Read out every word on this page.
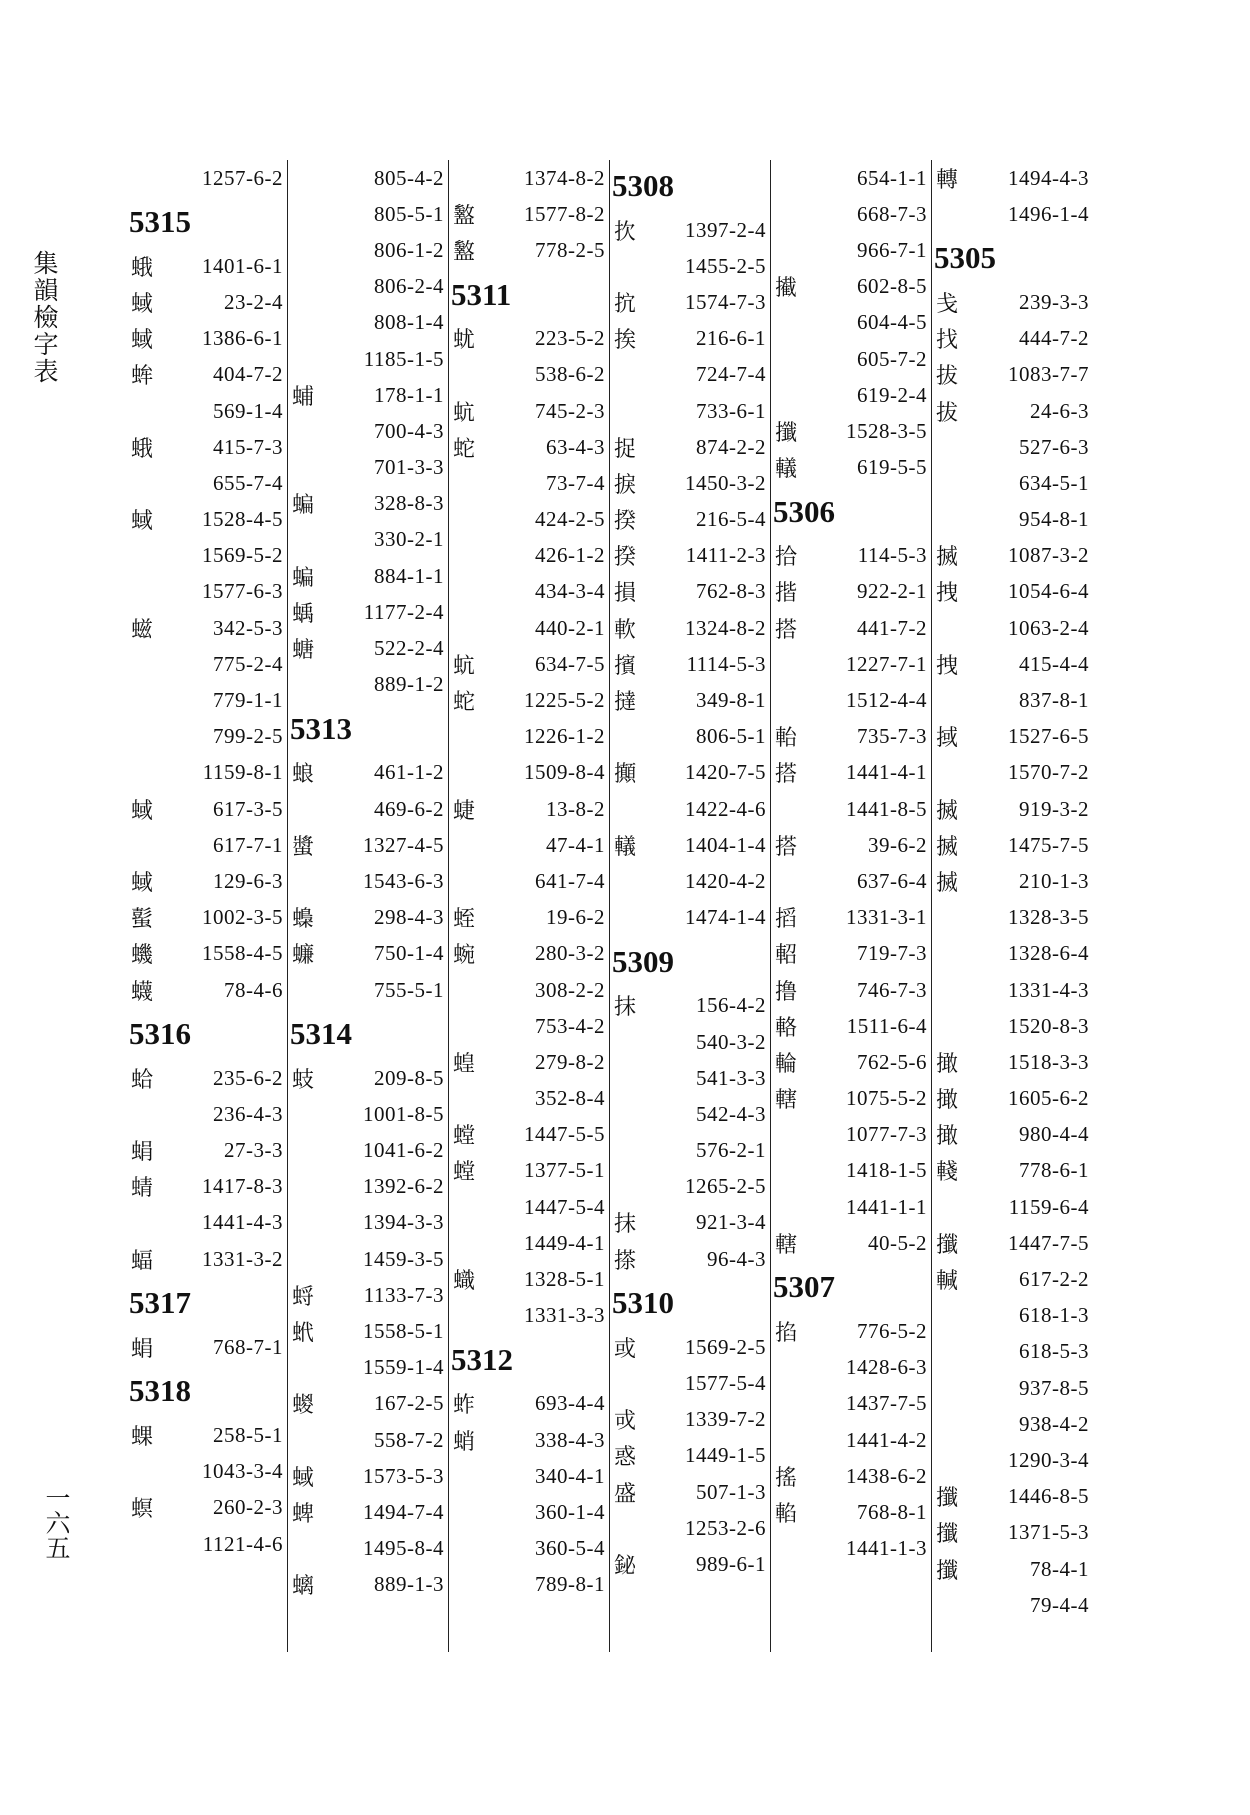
集韻檢字表
一六五
1257-6-2
5315
蛾	1401-6-1
蜮	23-2-4
蜮	1386-6-1
蛑	404-7-2
569-1-4
蛾	415-7-3
655-7-4
蜮	1528-4-5
1569-5-2
1577-6-3
螆	342-5-3
775-2-4
779-1-1
799-2-5
1159-8-1
蜮	617-3-5
617-7-1
蜮	129-6-3
蟚	1002-3-5
蟣	1558-4-5
蠛	78-4-6
5316
蛤	235-6-2
236-4-3
蜎	27-3-3
蜻	1417-8-3
1441-4-3
蝠	1331-3-2
5317
蜎	768-7-1
5318
蜾	258-5-1
1043-3-4
螟	260-2-3
1121-4-6
805-4-2
805-5-1
806-1-2
806-2-4
808-1-4
1185-1-5
蜅	178-1-1
700-4-3
701-3-3
蝙	328-8-3
330-2-1
蝙	884-1-1
蝺	1177-2-4
螗	522-2-4
889-1-2
5313
蜋	461-1-2
469-6-2
螿	1327-4-5
1543-6-3
蟂	298-4-3
蠊	750-1-4
755-5-1
5314
蚑	209-8-5
1001-8-5
1041-6-2
1392-6-2
1394-3-3
1459-3-5
蛶	1133-7-3
蚮	1558-5-1
1559-1-4
蝬	167-2-5
558-7-2
蜮	1573-5-3
蜱	1494-7-4
1495-8-4
螭	889-1-3
1374-8-2
盭	1577-8-2
盭	778-2-5
5311
蚘	223-5-2
538-6-2
蚢	745-2-3
蛇	63-4-3
73-7-4
424-2-5
426-1-2
434-3-4
440-2-1
蚢	634-7-5
蛇	1225-5-2
1226-1-2
1509-8-4
蜨	13-8-2
47-4-1
641-7-4
蛭	19-6-2
蜿	280-3-2
308-2-2
753-4-2
蝗	279-8-2
352-8-4
螳	1447-5-5
螳	1377-5-1
1447-5-4
1449-4-1
蟙	1328-5-1
1331-3-3
5312
蚱	693-4-4
蛸	338-4-3
340-4-1
360-1-4
360-5-4
789-8-1
5308
扻	1397-2-4
1455-2-5
抭	1574-7-3
挨	216-6-1
724-7-4
733-6-1
捉	874-2-2
捩	1450-3-2
揆	216-5-4
揆	1411-2-3
損	762-8-3
軟	1324-8-2
擯	1114-5-3
撻	349-8-1
806-5-1
攧	1420-7-5
1422-4-6
轙	1404-1-4
1420-4-2
1474-1-4
5309
抹	156-4-2
540-3-2
541-3-3
542-4-3
576-2-1
1265-2-5
抹	921-3-4
搽	96-4-3
5310
或	1569-2-5
1577-5-4
戓	1339-7-2
惑	1449-1-5
盛	507-1-3
1253-2-6
鉍	989-6-1
654-1-1
668-7-3
966-7-1
擮	602-8-5
604-4-5
605-7-2
619-2-4
攕	1528-3-5
轙	619-5-5
5306
拾	114-5-3
揩	922-2-1
搭	441-7-2
1227-7-1
1512-4-4
軩	735-7-3
搭	1441-4-1
1441-8-5
搭	39-6-2
637-6-4
搯	1331-3-1
軺	719-7-3
撸	746-7-3
輅	1511-6-4
輪	762-5-6
轄	1075-5-2
1077-7-3
1418-1-5
1441-1-1
轄	40-5-2
5307
掐	776-5-2
1428-6-3
1437-7-5
1441-4-2
搖	1438-6-2
輡	768-8-1
1441-1-3
轉	1494-4-3
1496-1-4
5305
戋	239-3-3
找	444-7-2
拔	1083-7-7
拔	24-6-3
527-6-3
634-5-1
954-8-1
搣	1087-3-2
拽	1054-6-4
1063-2-4
拽	415-4-4
837-8-1
掝	1527-6-5
1570-7-2
搣	919-3-2
搣	1475-7-5
搣	210-1-3
1328-3-5
1328-6-4
1331-4-3
1520-8-3
撖	1518-3-3
撖	1605-6-2
撖	980-4-4
輚	778-6-1
1159-6-4
攕	1447-7-5
輱	617-2-2
618-1-3
618-5-3
937-8-5
938-4-2
1290-3-4
攕	1446-8-5
攕	1371-5-3
攕	78-4-1
79-4-4
